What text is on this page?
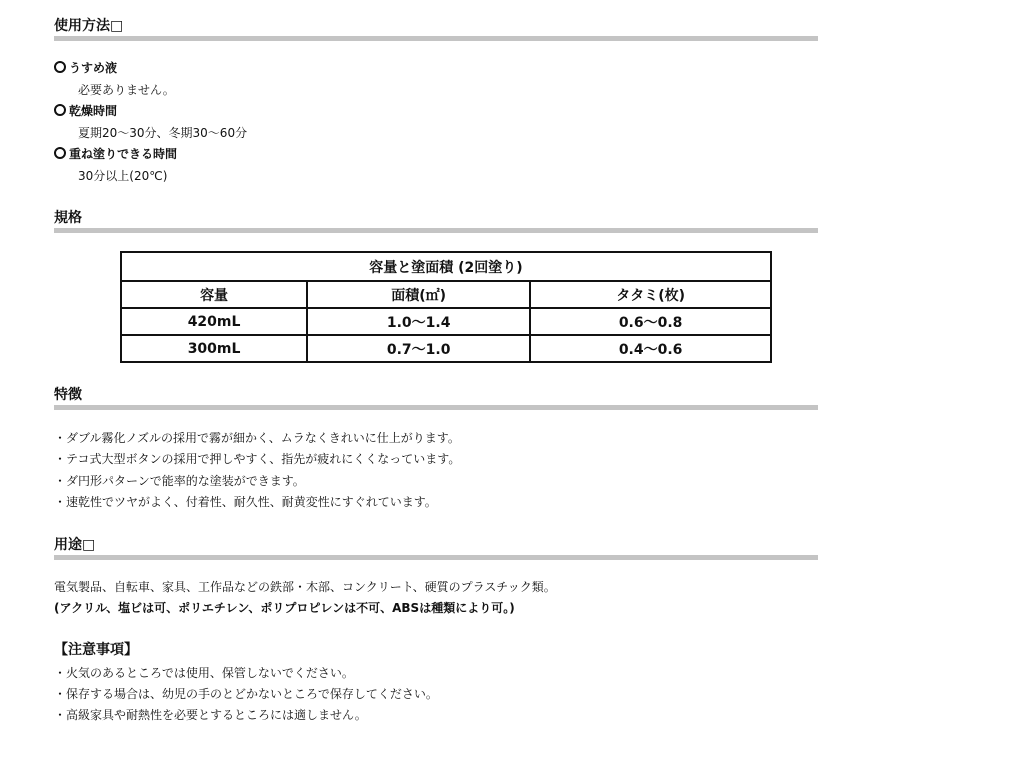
使用方法□
うすめ液
必要ありません。
乾燥時間
夏期20～30分、冬期30～60分
重ね塗りできる時間
30分以上(20℃)
規格
容量と塗面積 (2回塗り)		
容量	面積(㎡)	タタミ(枚)
420mL	1.0～1.4	0.6～0.8
300mL	0.7～1.0	0.4～0.6
特徴
・ダブル霧化ノズルの採用で霧が細かく、ムラなくきれいに仕上がります。
・テコ式大型ボタンの採用で押しやすく、指先が疲れにくくなっています。
・ダ円形パターンで能率的な塗装ができます。
・速乾性でツヤがよく、付着性、耐久性、耐黄変性にすぐれています。
用途□
電気製品、自転車、家具、工作品などの鉄部・木部、コンクリート、硬質のプラスチック類。
(アクリル、塩ビは可、ポリエチレン、ポリプロピレンは不可、ABSは種類により可。)
【注意事項】
・火気のあるところでは使用、保管しないでください。
・保存する場合は、幼児の手のとどかないところで保存してください。
・高級家具や耐熱性を必要とするところには適しません。
